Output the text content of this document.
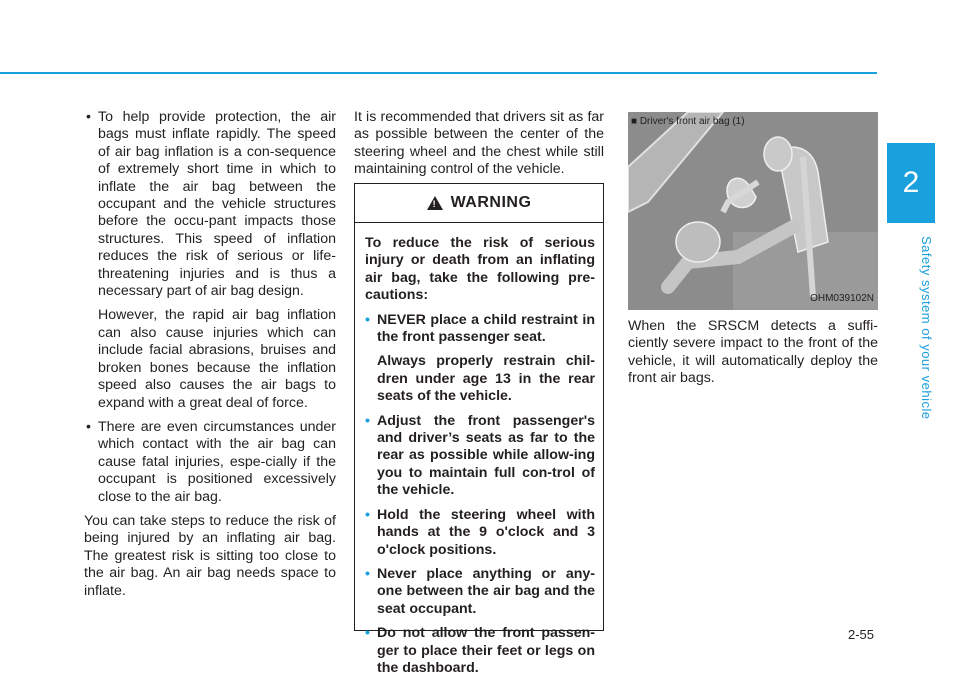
2
Safety system of your vehicle
• To help provide protection, the air bags must inflate rapidly. The speed of air bag inflation is a con-sequence of extremely short time in which to inflate the air bag between the occupant and the vehicle structures before the occu-pant impacts those structures. This speed of inflation reduces the risk of serious or life-threatening injuries and is thus a necessary part of air bag design.
However, the rapid air bag inflation can also cause injuries which can include facial abrasions, bruises and broken bones because the inflation speed also causes the air bags to expand with a great deal of force.
• There are even circumstances under which contact with the air bag can cause fatal injuries, espe-cially if the occupant is positioned excessively close to the air bag.

You can take steps to reduce the risk of being injured by an inflating air bag. The greatest risk is sitting too close to the air bag. An air bag needs space to inflate.

It is recommended that drivers sit as far as possible between the center of the steering wheel and the chest while still maintaining control of the vehicle.

! WARNING

To reduce the risk of serious injury or death from an inflating air bag, take the following pre-cautions:

• NEVER place a child restraint in the front passenger seat.
Always properly restrain chil-dren under age 13 in the rear seats of the vehicle.
• Adjust the front passenger's and driver’s seats as far to the rear as possible while allow-ing you to maintain full con-trol of the vehicle.
• Hold the steering wheel with hands at the 9 o'clock and 3 o'clock positions.
• Never place anything or any-one between the air bag and the seat occupant.
• Do not allow the front passen-ger to place their feet or legs on the dashboard.
■ Driver's front air bag (1)
OHM039102N

When the SRSCM detects a suffi-ciently severe impact to the front of the vehicle, it will automatically deploy the front air bags.

2-55
